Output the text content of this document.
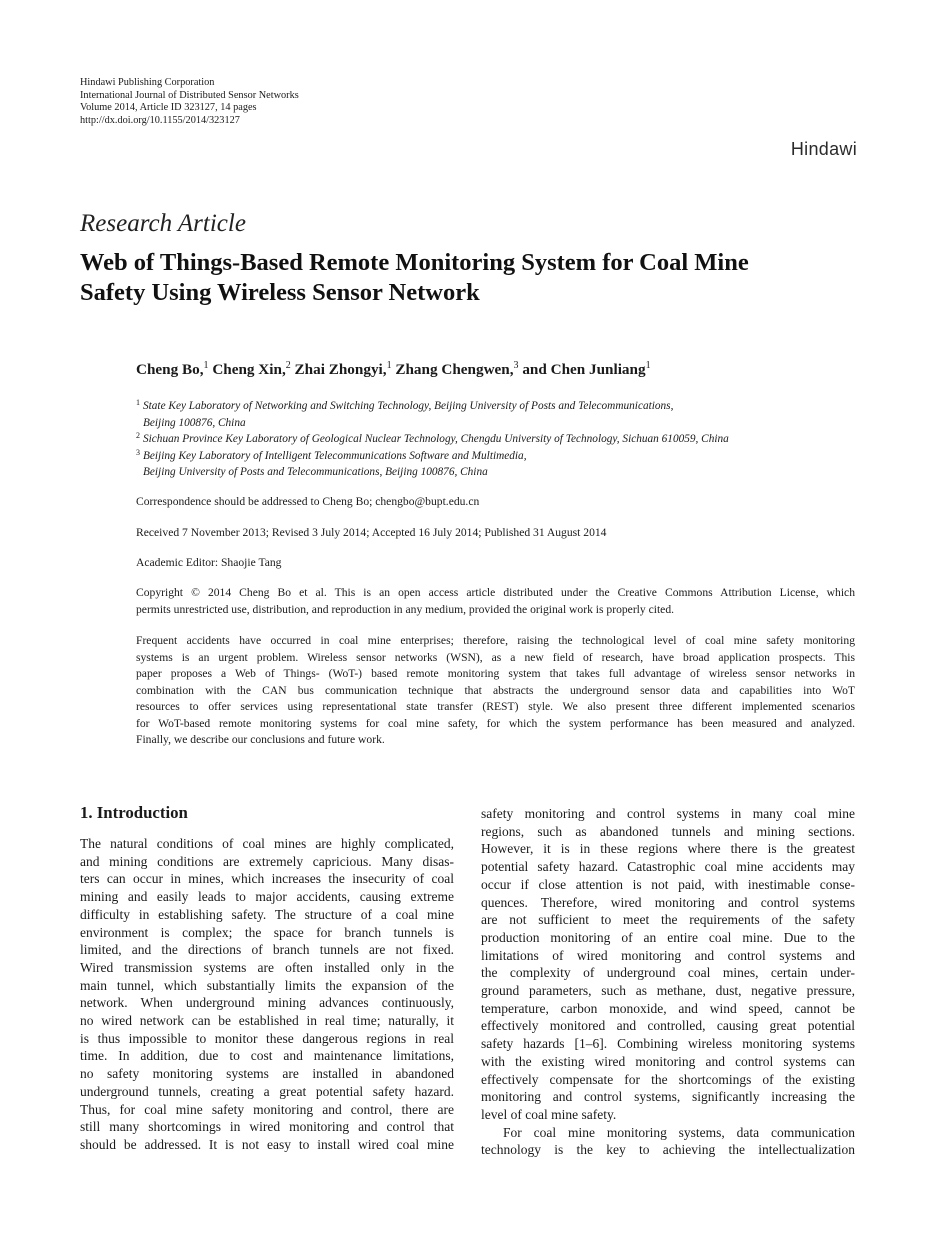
Hindawi Publishing Corporation
International Journal of Distributed Sensor Networks
Volume 2014, Article ID 323127, 14 pages
http://dx.doi.org/10.1155/2014/323127
Hindawi
Research Article
Web of Things-Based Remote Monitoring System for Coal Mine
Safety Using Wireless Sensor Network
Cheng Bo,$^1$ Cheng Xin,$^2$ Zhai Zhongyi,$^1$ Zhang Chengwen,$^3$ and Chen Junliang$^1$
1 State Key Laboratory of Networking and Switching Technology, Beijing University of Posts and Telecommunications,
Beijing 100876, China
2 Sichuan Province Key Laboratory of Geological Nuclear Technology, Chengdu University of Technology, Sichuan 610059, China
3 Beijing Key Laboratory of Intelligent Telecommunications Software and Multimedia,
Beijing University of Posts and Telecommunications, Beijing 100876, China
Correspondence should be addressed to Cheng Bo; chengbo@bupt.edu.cn
Received 7 November 2013; Revised 3 July 2014; Accepted 16 July 2014; Published 31 August 2014
Academic Editor: Shaojie Tang
Copyright © 2014 Cheng Bo et al. This is an open access article distributed under the Creative Commons Attribution License, which
permits unrestricted use, distribution, and reproduction in any medium, provided the original work is properly cited.
Frequent accidents have occurred in coal mine enterprises; therefore, raising the technological level of coal mine safety monitoring
systems is an urgent problem. Wireless sensor networks (WSN), as a new field of research, have broad application prospects. This
paper proposes a Web of Things- (WoT-) based remote monitoring system that takes full advantage of wireless sensor networks in
combination with the CAN bus communication technique that abstracts the underground sensor data and capabilities into WoT
resources to offer services using representational state transfer (REST) style. We also present three different implemented scenarios
for WoT-based remote monitoring systems for coal mine safety, for which the system performance has been measured and analyzed.
Finally, we describe our conclusions and future work.
1. Introduction
The natural conditions of coal mines are highly complicated,
and mining conditions are extremely capricious. Many disas-
ters can occur in mines, which increases the insecurity of coal
mining and easily leads to major accidents, causing extreme
difficulty in establishing safety. The structure of a coal mine
environment is complex; the space for branch tunnels is
limited, and the directions of branch tunnels are not fixed.
Wired transmission systems are often installed only in the
main tunnel, which substantially limits the expansion of the
network. When underground mining advances continuously,
no wired network can be established in real time; naturally, it
is thus impossible to monitor these dangerous regions in real
time. In addition, due to cost and maintenance limitations,
no safety monitoring systems are installed in abandoned
underground tunnels, creating a great potential safety hazard.
Thus, for coal mine safety monitoring and control, there are
still many shortcomings in wired monitoring and control that
should be addressed. It is not easy to install wired coal mine
safety monitoring and control systems in many coal mine
regions, such as abandoned tunnels and mining sections.
However, it is in these regions where there is the greatest
potential safety hazard. Catastrophic coal mine accidents may
occur if close attention is not paid, with inestimable conse-
quences. Therefore, wired monitoring and control systems
are not sufficient to meet the requirements of the safety
production monitoring of an entire coal mine. Due to the
limitations of wired monitoring and control systems and
the complexity of underground coal mines, certain under-
ground parameters, such as methane, dust, negative pressure,
temperature, carbon monoxide, and wind speed, cannot be
effectively monitored and controlled, causing great potential
safety hazards [1–6]. Combining wireless monitoring systems
with the existing wired monitoring and control systems can
effectively compensate for the shortcomings of the existing
monitoring and control systems, significantly increasing the
level of coal mine safety.
For coal mine monitoring systems, data communication
technology is the key to achieving the intellectualization
